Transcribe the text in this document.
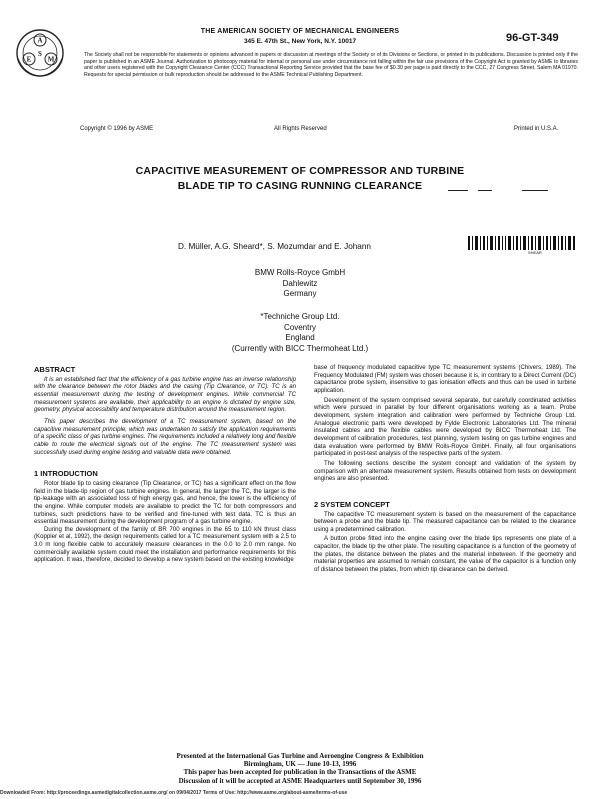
A
E M
S
THE AMERICAN SOCIETY OF MECHANICAL ENGINEERS
345 E. 47th St., New York, N.Y. 10017	96-GT-349
The Society shall not be responsible for statements or opinions advanced in papers or discussion at meetings of the Society or of its Divisions or Sections, or printed in its publications. Discussion is printed only if the paper is published in an ASME Journal. Authorization to photocopy material for internal or personal use under circumstance not falling within the fair use provisions of the Copyright Act is granted by ASME to libraries and other users registered with the Copyright Clearance Center (CCC) Transactional Reporting Service provided that the base fee of $0.30 per page is paid directly to the CCC, 27 Congress Street, Salem MA 01970. Requests for special permission or bulk reproduction should be addressed to the ASME Technical Publishing Department.
Copyright © 1996 by ASME	All Rights Reserved	Printed in U.S.A.
CAPACITIVE MEASUREMENT OF COMPRESSOR AND TURBINE
BLADE TIP TO CASING RUNNING CLEARANCE
D. Müller, A.G. Sheard*, S. Mozumdar and E. Johann
SHEAR
BMW Rolls-Royce GmbH
Dahlewitz
Germany
*Techniche Group Ltd.
Coventry
England
(Currently with BICC Thermoheat Ltd.)
ABSTRACT

It is an established fact that the efficiency of a gas turbine engine has an inverse relationship with the clearance between the rotor blades and the casing (Tip Clearance, or TC). TC is an essential measurement during the testing of development engines. While commercial TC measurement systems are available, their applicability to an engine is dictated by engine size, geometry, physical accessibility and temperature distribution around the measurement region.

This paper describes the development of a TC measurement system, based on the capacitive measurement principle, which was undertaken to satisfy the application requirements of a specific class of gas turbine engines. The requirements included a relatively long and flexible cable to route the electrical signals out of the engine. The TC measurement system was successfully used during engine testing and valuable data were obtained.

1 INTRODUCTION

Rotor blade tip to casing clearance (Tip Clearance, or TC) has a significant effect on the flow field in the blade-tip region of gas turbine engines. In general, the larger the TC, the larger is the tip-leakage with an associated loss of high energy gas, and hence, the lower is the efficiency of the engine. While computer models are available to predict the TC for both compressors and turbines, such predictions have to be verified and fine-tuned with test data. TC is thus an essential measurement during the development program of a gas turbine engine.

During the development of the family of BR 700 engines in the 65 to 110 kN thrust class (Koppler et al, 1992), the design requirements called for a TC measurement system with a 2.5 to 3.0 m long flexible cable to accurately measure clearances in the 0.0 to 2.0 mm range. No commercially available system could meet the installation and performance requirements for this application. It was, therefore, decided to develop a new system based on the existing knowledge

base of frequency modulated capacitive type TC measurement systems (Chivers, 1989). The Frequency Modulated (FM) system was chosen because it is, in contrary to a Direct Current (DC) capacitance probe system, insensitive to gas ionisation effects and thus can be used in turbine application.

Development of the system comprised several separate, but carefully coordinated activities which were pursued in parallel by four different organisations working as a team. Probe development, system integration and calibration were performed by Techniche Group Ltd. Analogue electronic parts were developed by Fylde Electronic Laboratories Ltd. The mineral insulated cables and the flexible cables were developed by BICC Thermoheat Ltd. The development of calibration procedures, test planning, system testing on gas turbine engines and data evaluation were performed by BMW Rolls-Royce GmbH. Finally, all four organisations participated in post-test analysis of the respective parts of the system.

The following sections describe the system concept and validation of the system by comparison with an alternate measurement system. Results obtained from tests on development engines are also presented.

2 SYSTEM CONCEPT

The capacitive TC measurement system is based on the measurement of the capacitance between a probe and the blade tip. The measured capacitance can be related to the clearance using a predetermined calibration.

A button probe fitted into the engine casing over the blade tips represents one plate of a capacitor, the blade tip the other plate. The resulting capacitance is a function of the geometry of the plates, the distance between the plates and the material inbetween. If the geometry and material properties are assumed to remain constant, the value of the capacitor is a function only of distance between the plates, from which tip clearance can be derived.

Presented at the International Gas Turbine and Aeroengine Congress & Exhibition
Birmingham, UK — June 10-13, 1996
This paper has been accepted for publication in the Transactions of the ASME
Discussion of it will be accepted at ASME Headquarters until September 30, 1996
Downloaded From: http://proceedings.asmedigitalcollection.asme.org/ on 09/04/2017 Terms of Use: http://www.asme.org/about-asme/terms-of-use
